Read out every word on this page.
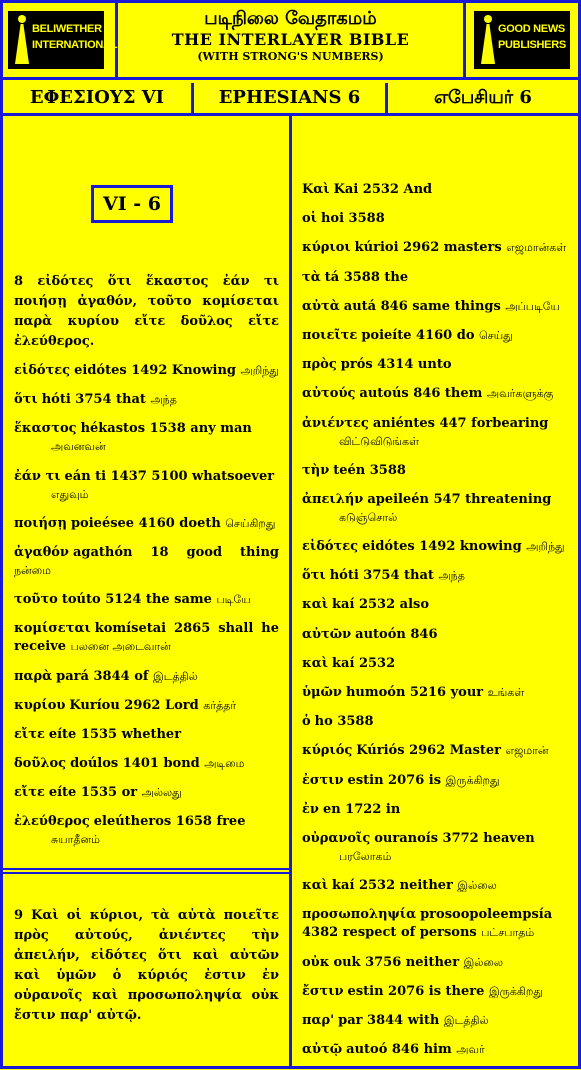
BELIWETHER
INTERNATIONAL
படிநிலை வேதாகமம்
THE INTERLAYER BIBLE
(WITH STRONG'S NUMBERS)
GOOD NEWS
PUBLISHERS
ΕΦΕΣΙΟΥΣ VI	EPHESIANS 6	எபேசியர் 6
VI - 6
8 εἰδότες ὅτι ἕκαστος ἐάν τι ποιήσῃ ἀγαθόν, τοῦτο κομίσεται παρὰ κυρίου εἴτε δοῦλος εἴτε ἐλεύθερος.
εἰδότες eidótes 1492 Knowing அறிந்து
ὅτι hóti 3754 that அந்த
ἕκαστος hékastos 1538 any man
அவனவன்
ἐάν τι eán ti 1437 5100 whatsoever
எதுவும்
ποιήσῃ poieésee 4160 doeth செய்கிறது
ἀγαθόν agathón 18 good thing நன்மை
τοῦτο toúto 5124 the same படியே
κομίσεται komísetai 2865 shall he receive பலனை அடைவான்
παρὰ pará 3844 of இடத்தில்
κυρίου Kuríou 2962 Lord கர்த்தர்
εἴτε eíte 1535 whether
δοῦλος doúlos 1401 bond அடிமை
εἴτε eíte 1535 or அல்லது
ἐλεύθερος eleútheros 1658 free
சுயாதீனம்
9 Καὶ οἱ κύριοι, τὰ αὐτὰ ποιεῖτε πρὸς αὐτούς, ἀνιέντες τὴν ἀπειλήν, εἰδότες ὅτι καὶ αὐτῶν καὶ ὑμῶν ὁ κύριός ἐστιν ἐν οὐρανοῖς καὶ προσωποληψία οὐκ ἔστιν παρ' αὐτῷ.
Καὶ Kai 2532 And
οἱ hoi 3588
κύριοι kúrioi 2962 masters எஜமான்கள்
τὰ tá 3588 the
αὐτὰ autá 846 same things அப்படியே
ποιεῖτε poieíte 4160 do செய்து
πρὸς prós 4314 unto
αὐτούς autoús 846 them அவர்களுக்கு
ἀνιέντες aniéntes 447 forbearing
விட்டுவிடுங்கள்
τὴν teén 3588
ἀπειλήν apeileén 547 threatening
கடுஞ்சொல்
εἰδότες eidótes 1492 knowing அறிந்து
ὅτι hóti 3754 that அந்த
καὶ kaí 2532 also
αὐτῶν autoón 846
καὶ kaí 2532
ὑμῶν humoón 5216 your உங்கள்
ὁ ho 3588
κύριός Kúriós 2962 Master எஜமான்
ἐστιν estin 2076 is இருக்கிறது
ἐν en 1722 in
οὐρανοῖς ouranoís 3772 heaven
பரலோகம்
καὶ kaí 2532 neither இல்லை
προσωποληψία prosoopoleempsía 4382 respect of persons பட்சபாதம்
οὐκ ouk 3756 neither இல்லை
ἔστιν estin 2076 is there இருக்கிறது
παρ' par 3844 with இடத்தில்
αὐτῷ autoó 846 him அவர்
